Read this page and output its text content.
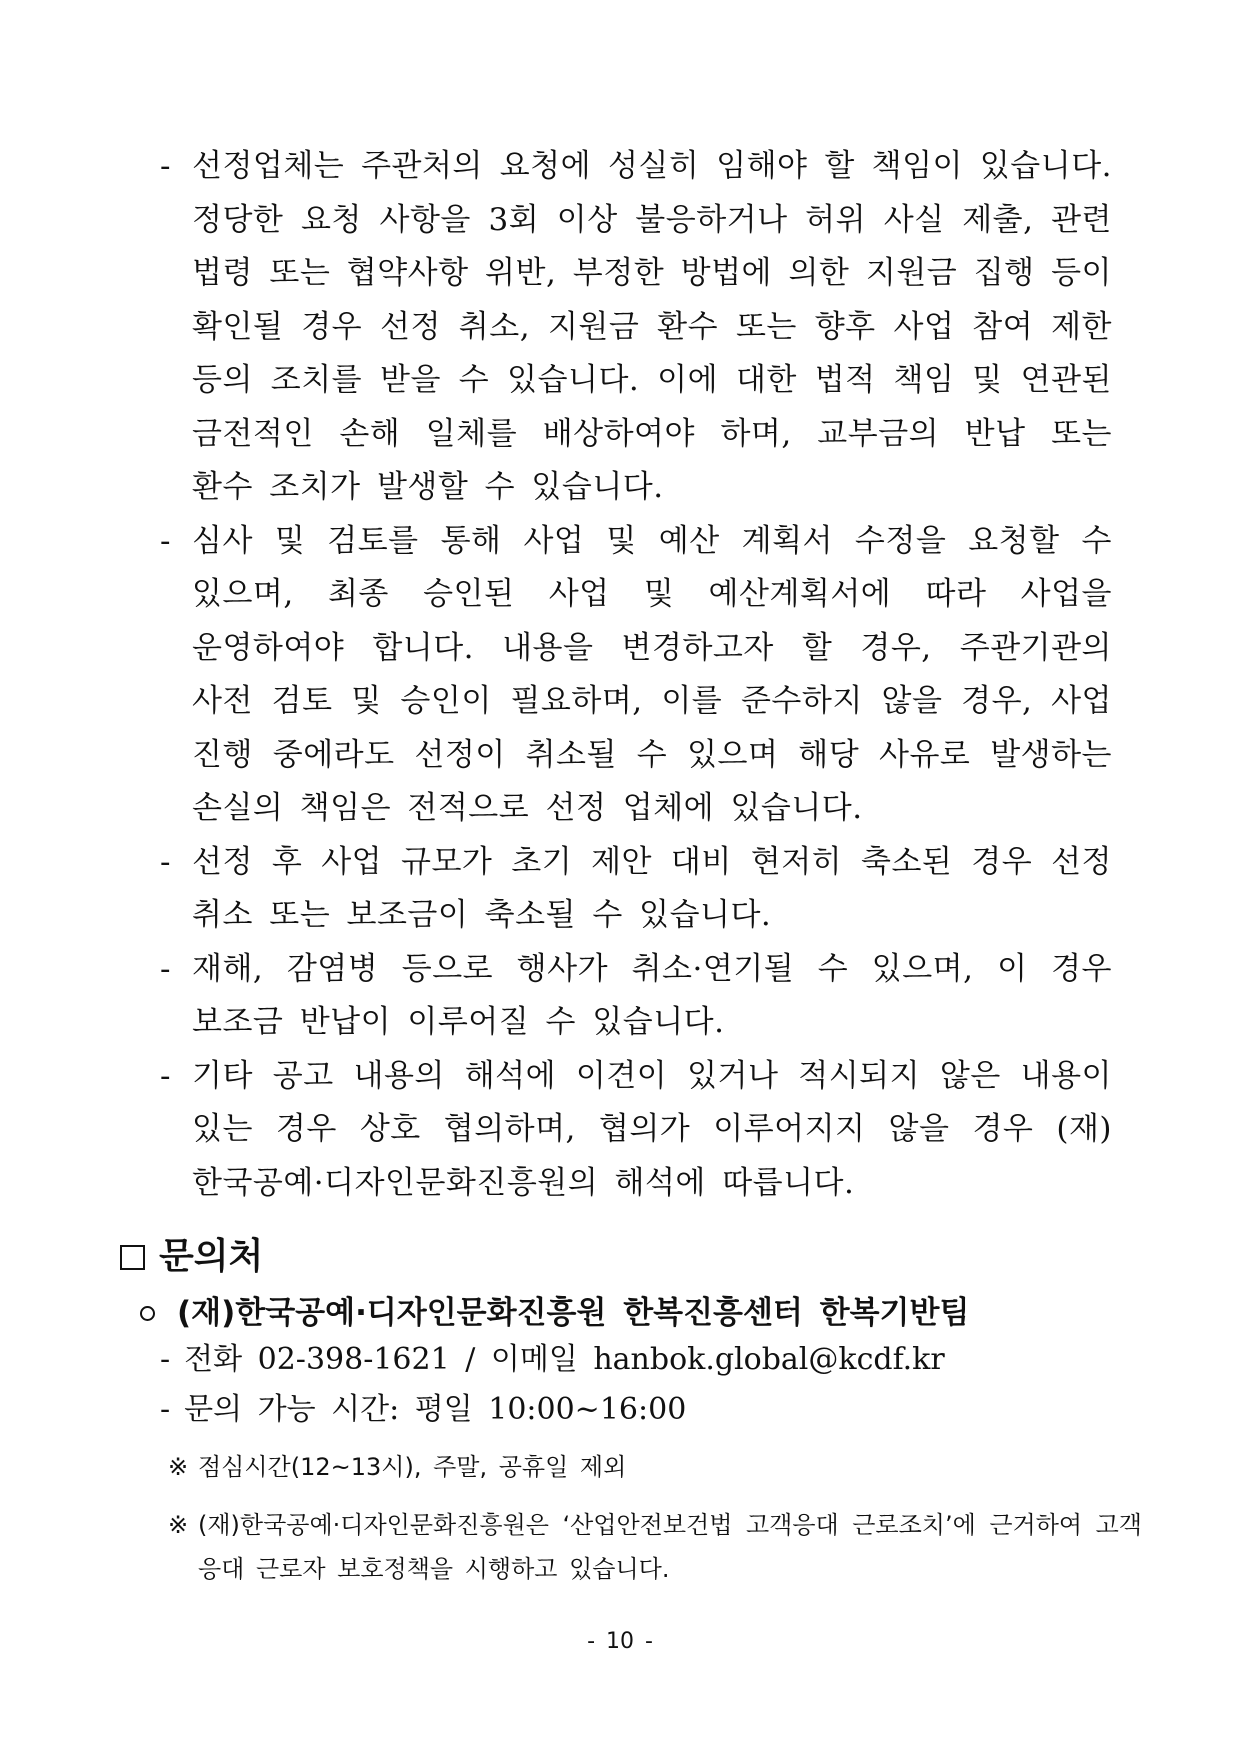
- 선정업체는 주관처의 요청에 성실히 임해야 할 책임이 있습니다. 정당한 요청 사항을 3회 이상 불응하거나 허위 사실 제출, 관련 법령 또는 협약사항 위반, 부정한 방법에 의한 지원금 집행 등이 확인될 경우 선정 취소, 지원금 환수 또는 향후 사업 참여 제한 등의 조치를 받을 수 있습니다. 이에 대한 법적 책임 및 연관된 금전적인 손해 일체를 배상하여야 하며, 교부금의 반납 또는 환수 조치가 발생할 수 있습니다.
- 심사 및 검토를 통해 사업 및 예산 계획서 수정을 요청할 수 있으며, 최종 승인된 사업 및 예산계획서에 따라 사업을 운영하여야 합니다. 내용을 변경하고자 할 경우, 주관기관의 사전 검토 및 승인이 필요하며, 이를 준수하지 않을 경우, 사업 진행 중에라도 선정이 취소될 수 있으며 해당 사유로 발생하는 손실의 책임은 전적으로 선정 업체에 있습니다.
- 선정 후 사업 규모가 초기 제안 대비 현저히 축소된 경우 선정 취소 또는 보조금이 축소될 수 있습니다.
- 재해, 감염병 등으로 행사가 취소·연기될 수 있으며, 이 경우 보조금 반납이 이루어질 수 있습니다.
- 기타 공고 내용의 해석에 이견이 있거나 적시되지 않은 내용이 있는 경우 상호 협의하며, 협의가 이루어지지 않을 경우 (재)한국공예·디자인문화진흥원의 해석에 따릅니다.
문의처
(재)한국공예·디자인문화진흥원 한복진흥센터 한복기반팀
- 전화 02-398-1621 / 이메일 hanbok.global@kcdf.kr
- 문의 가능 시간: 평일 10:00~16:00
※ 점심시간(12~13시), 주말, 공휴일 제외
※ (재)한국공예·디자인문화진흥원은 ‘산업안전보건법 고객응대 근로조치’에 근거하여 고객 응대 근로자 보호정책을 시행하고 있습니다.
- 10 -
